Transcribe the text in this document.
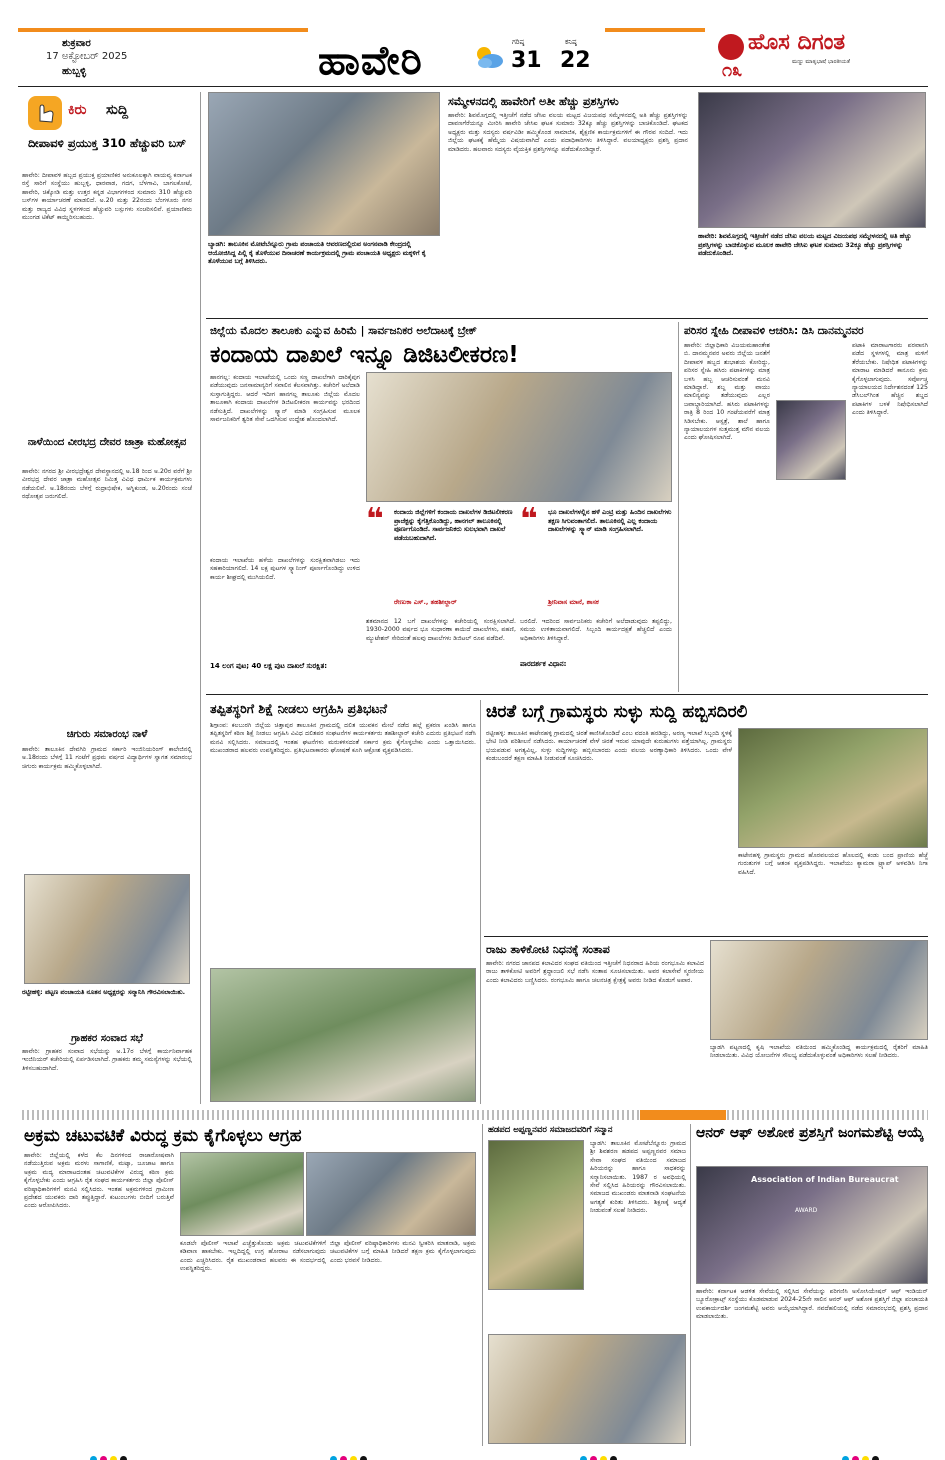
ಶುಕ್ರವಾರ
17 ಅಕ್ಟೋಬರ್ 2025
ಹುಬ್ಬಳ್ಳಿ	ಹಾವೇರಿ	ಗರಿಷ್ಠ
31
ಕನಿಷ್ಠ
22
ಹೊಸ ದಿಗಂತ
ಮಣ್ಣು ಮಾತೃಭಾಷೆ ಭಾರತೀಯತೆ
೧೩
ಕಿರು ಸುದ್ದಿ
ದೀಪಾವಳಿ ಪ್ರಯುಕ್ತ 310 ಹೆಚ್ಚುವರಿ ಬಸ್
ಹಾವೇರಿ: ದೀಪಾವಳಿ ಹಬ್ಬದ ಪ್ರಯುಕ್ತ ಪ್ರಯಾಣಿಕರ ಅನುಕೂಲಕ್ಕಾಗಿ ವಾಯವ್ಯ ಕರ್ನಾಟಕ ರಸ್ತೆ ಸಾರಿಗೆ ಸಂಸ್ಥೆಯು ಹುಬ್ಬಳ್ಳಿ, ಧಾರವಾಡ, ಗದಗ, ಬೆಳಗಾವಿ, ಬಾಗಲಕೋಟೆ, ಹಾವೇರಿ, ಚಿಕ್ಕೋಡಿ ಮತ್ತು ಉತ್ತರ ಕನ್ನಡ ವಿಭಾಗಗಳಿಂದ ಸುಮಾರು 310 ಹೆಚ್ಚುವರಿ ಬಸ್‌ಗಳ ಕಾರ್ಯಾಚರಣೆ ಮಾಡಲಿದೆ. ಅ.20 ಮತ್ತು 22ರಂದು ಬೆಂಗಳೂರು ನಗರ ಮತ್ತು ರಾಜ್ಯದ ವಿವಿಧ ಸ್ಥಳಗಳಿಂದ ಹೆಚ್ಚುವರಿ ಬಸ್ಸುಗಳು ಸಂಚರಿಸಲಿವೆ. ಪ್ರಯಾಣಿಕರು ಮುಂಗಡ ಟಿಕೆಟ್ ಕಾಯ್ದಿರಿಸಬಹುದು.
ನಾಳೆಯಿಂದ ವೀರಭದ್ರ ದೇವರ ಜಾತ್ರಾ ಮಹೋತ್ಸವ
ಹಾವೇರಿ: ನಗರದ ಶ್ರೀ ವೀರಭದ್ರೇಶ್ವರ ದೇವಸ್ಥಾನದಲ್ಲಿ ಅ.18 ರಿಂದ ಅ.20ರ ವರೆಗೆ ಶ್ರೀ ವೀರಭದ್ರ ದೇವರ ಜಾತ್ರಾ ಮಹೋತ್ಸವ ನಿಮಿತ್ತ ವಿವಿಧ ಧಾರ್ಮಿಕ ಕಾರ್ಯಕ್ರಮಗಳು ನಡೆಯಲಿವೆ. ಅ.18ರಂದು ಬೆಳಗ್ಗೆ ರುದ್ರಾಭಿಷೇಕ, ಅಗ್ನಿಕುಂಡ, ಅ.20ರಂದು ಸಂಜೆ ರಥೋತ್ಸವ ಜರುಗಲಿದೆ.
ಚಿಗುರು ಸಮಾರಂಭ ನಾಳೆ
ಹಾವೇರಿ: ತಾಲೂಕಿನ ದೇವಗಿರಿ ಗ್ರಾಮದ ಸರ್ಕಾರಿ ಇಂಜಿನಿಯರಿಂಗ್ ಕಾಲೇಜಿನಲ್ಲಿ ಅ.18ರಂದು ಬೆಳಗ್ಗೆ 11 ಗಂಟೆಗೆ ಪ್ರಥಮ ವರ್ಷದ ವಿದ್ಯಾರ್ಥಿಗಳ ಸ್ವಾಗತ ಸಮಾರಂಭ ಚಿಗುರು ಕಾರ್ಯಕ್ರಮ ಹಮ್ಮಿಕೊಳ್ಳಲಾಗಿದೆ.
ರಟ್ಟೀಹಳ್ಳಿ: ಪಟ್ಟಣ ಪಂಚಾಯತಿ ನೂತನ ಅಧ್ಯಕ್ಷರನ್ನು ಸನ್ಮಾನಿಸಿ ಗೌರವಿಸಲಾಯಿತು.
ಗ್ರಾಹಕರ ಸಂವಾದ ಸಭೆ
ಹಾವೇರಿ: ಗ್ರಾಹಕರ ಸಂವಾದ ಸಭೆಯನ್ನು ಅ.17ರ ಬೆಳಗ್ಗೆ ಕಾರ್ಯನಿರ್ವಾಹಕ ಇಂಜಿನಿಯರ್ ಕಚೇರಿಯಲ್ಲಿ ಏರ್ಪಡಿಸಲಾಗಿದೆ. ಗ್ರಾಹಕರು ತಮ್ಮ ಸಮಸ್ಯೆಗಳನ್ನು ಸಭೆಯಲ್ಲಿ ತಿಳಿಸಬಹುದಾಗಿದೆ.
ಬ್ಯಾಡಗಿ: ತಾಲೂಕಿನ ಮೋಟೆಬೆನ್ನೂರು ಗ್ರಾಮ ಪಂಚಾಯತಿ ಆವರಣದಲ್ಲಿರುವ ಅಂಗನವಾಡಿ ಕೇಂದ್ರದಲ್ಲಿ ಆಯೋಜಿಸಿದ್ದ ಪಿಲ್ಲಿ ಕೈ ತೊಳೆಯುವ ದಿನಾಚರಣೆ ಕಾರ್ಯಕ್ರಮದಲ್ಲಿ ಗ್ರಾಮ ಪಂಚಾಯತಿ ಅಧ್ಯಕ್ಷರು ಮಕ್ಕಳಿಗೆ ಕೈ ತೊಳೆಯುವ ಬಗ್ಗೆ ತಿಳಿಸಿದರು.
ಸಮ್ಮೇಳನದಲ್ಲಿ ಹಾವೇರಿಗೆ ಅತೀ ಹೆಚ್ಚು ಪ್ರಶಸ್ತಿಗಳು
ಹಾವೇರಿ: ಶಿವಮೊಗ್ಗದಲ್ಲಿ ಇತ್ತೀಚೆಗೆ ನಡೆದ ಜೆಸಿಐ ವಲಯ ಮಟ್ಟದ ವಿಜಯಪಥ ಸಮ್ಮೇಳನದಲ್ಲಿ ಅತಿ ಹೆಚ್ಚು ಪ್ರಶಸ್ತಿಗಳನ್ನು ದಾವಣಗೆರೆಯನ್ನೂ ಮೀರಿಸಿ ಹಾವೇರಿ ಜೇಸಿಐ ಘಟಕ ಸುಮಾರು 32ಕ್ಕೂ ಹೆಚ್ಚು ಪ್ರಶಸ್ತಿಗಳನ್ನು ಬಾಚಿಕೊಂಡಿದೆ. ಘಟಕದ ಅಧ್ಯಕ್ಷರು ಮತ್ತು ಸದಸ್ಯರು ವರ್ಷವಿಡೀ ಹಮ್ಮಿಕೊಂಡ ಸಾಮಾಜಿಕ, ಶೈಕ್ಷಣಿಕ ಕಾರ್ಯಕ್ರಮಗಳಿಗೆ ಈ ಗೌರವ ಸಂದಿದೆ. ಇದು ಜಿಲ್ಲೆಯ ಘಟಕಕ್ಕೆ ಹೆಮ್ಮೆಯ ವಿಷಯವಾಗಿದೆ ಎಂದು ಪದಾಧಿಕಾರಿಗಳು ತಿಳಿಸಿದ್ದಾರೆ. ವಲಯಾಧ್ಯಕ್ಷರು ಪ್ರಶಸ್ತಿ ಪ್ರದಾನ ಮಾಡಿದರು. ಹಲವಾರು ಸದಸ್ಯರು ವೈಯಕ್ತಿಕ ಪ್ರಶಸ್ತಿಗಳನ್ನೂ ಪಡೆದುಕೊಂಡಿದ್ದಾರೆ.
ಹಾವೇರಿ: ಶಿವಮೊಗ್ಗದಲ್ಲಿ ಇತ್ತೀಚೆಗೆ ನಡೆದ ಜೆಸಿಐ ವಲಯ ಮಟ್ಟದ ವಿಜಯಪಥ ಸಮ್ಮೇಳನದಲ್ಲಿ ಅತಿ ಹೆಚ್ಚು ಪ್ರಶಸ್ತಿಗಳನ್ನು ಬಾಚಿಕೊಳ್ಳುವ ಮೂಲಕ ಹಾವೇರಿ ಜೇಸಿಐ ಘಟಕ ಸುಮಾರು 32ಕ್ಕೂ ಹೆಚ್ಚು ಪ್ರಶಸ್ತಿಗಳನ್ನು ಪಡೆದುಕೊಂಡಿದೆ.
ಜಿಲ್ಲೆಯ ಮೊದಲ ತಾಲೂಕು ಎನ್ನುವ ಹಿರಿಮೆ | ಸಾರ್ವಜನಿಕರ ಅಲೆದಾಟಕ್ಕೆ ಬ್ರೇಕ್
ಕಂದಾಯ ದಾಖಲೆ ಇನ್ನೂ ಡಿಜಿಟಲೀಕರಣ!
ಹಾನಗಲ್ಲ: ಕಂದಾಯ ಇಲಾಖೆಯಲ್ಲಿ ಒಂದು ಸಣ್ಣ ದಾಖಲೆಗಾಗಿ ದಾರಿಕೈಪುಗ ಪಡೆಯುವುದು ಜನಸಾಮಾನ್ಯರಿಗೆ ಸವಾಲಿನ ಕೆಲಸವಾಗಿತ್ತು. ಕಚೇರಿಗೆ ಅಲೆದಾಡಿ ಸುಸ್ತಾಗುತ್ತಿದ್ದರು. ಆದರೆ ಇದೀಗ ಹಾನಗಲ್ಲ ತಾಲೂಕು ಜಿಲ್ಲೆಯ ಮೊದಲ ತಾಲೂಕಾಗಿ ಕಂದಾಯ ದಾಖಲೆಗಳ ಡಿಜಿಟಲೀಕರಣ ಕಾರ್ಯವನ್ನು ಭರದಿಂದ ನಡೆಸುತ್ತಿದೆ. ದಾಖಲೆಗಳನ್ನು ಸ್ಕ್ಯಾನ್ ಮಾಡಿ ಸಂಗ್ರಹಿಸುವ ಮೂಲಕ ಸಾರ್ವಜನಿಕರಿಗೆ ತ್ವರಿತ ಸೇವೆ ಒದಗಿಸುವ ಉದ್ದೇಶ ಹೊಂದಲಾಗಿದೆ.
ಕಂದಾಯ ಇಲಾಖೆಯ ಹಳೆಯ ದಾಖಲೆಗಳನ್ನು ಸುರಕ್ಷಿತವಾಗಿಡಲು ಇದು ಸಹಕಾರಿಯಾಗಲಿದೆ. 14 ಲಕ್ಷ ಪುಟಗಳ ಸ್ಕ್ಯಾನಿಂಗ್ ಪೂರ್ಣಗೊಂಡಿದ್ದು ಉಳಿದ ಕಾರ್ಯ ಶೀಘ್ರದಲ್ಲಿ ಮುಗಿಯಲಿದೆ.
14 ಲಂಗ ಪುಟ; 40 ಲಕ್ಷ ಪುಟ ದಾಖಲೆ ಸುರಕ್ಷಿತ:
❝ ಕಂದಾಯ ಜಿಲ್ಲೆಗಳಿಗೆ ಕಂದಾಯ ದಾಖಲೆಗಳ ಡಿಜಿಟಲೀಕರಣ ಪ್ರಾಜೆಕ್ಟನ್ನು ಕೈಗೆತ್ತಿಕೊಂಡಿದ್ದು, ಹಾನಗಲ್ ತಾಲೂಕಿನಲ್ಲಿ ಪೂರ್ಣಗೊಂಡಿದೆ. ಸಾರ್ವಜನಿಕರು ಸುಲಭವಾಗಿ ದಾಖಲೆ ಪಡೆಯಬಹುದಾಗಿದೆ.
ರೇಣುಕಾ ಎಸ್., ತಹಶೀಲ್ದಾರ್
❝ ಭೂ ದಾಖಲೆಗಳಲ್ಲಿನ ಹಳೆ ಎಂಟ್ರಿ ಮತ್ತು ಹಿಂದಿನ ದಾಖಲೆಗಳು ತಕ್ಷಣ ಸಿಗುವಂತಾಗಲಿದೆ. ತಾಲೂಕಿನಲ್ಲಿ ಎಲ್ಲ ಕಂದಾಯ ದಾಖಲೆಗಳನ್ನು ಸ್ಕ್ಯಾನ್ ಮಾಡಿ ಸಂಗ್ರಹಿಸಲಾಗಿದೆ.
ಶ್ರೀನಿವಾಸ ಮಾನೆ, ಶಾಸಕ
ಶತಮಾನದ 12 ಬಗೆ ದಾಖಲೆಗಳನ್ನು ಕಚೇರಿಯಲ್ಲಿ ಸಂರಕ್ಷಿಸಲಾಗಿದೆ. 1930-2000 ವರ್ಷದ ಭೂ ಸುಧಾರಣಾ ಕಾಯಿದೆ ದಾಖಲೆಗಳು, ಪಹಣಿ, ಮ್ಯುಟೇಶನ್ ಸೇರಿದಂತೆ ಹಲವು ದಾಖಲೆಗಳು ಡಿಜಿಟಲ್ ರೂಪ ಪಡೆದಿವೆ.
ಪಾರದರ್ಶಕ ವಿಧಾನ:
ಬರಲಿದೆ. ಇದರಿಂದ ಸಾರ್ವಜನಿಕರು ಕಚೇರಿಗೆ ಅಲೆದಾಡುವುದು ತಪ್ಪಲಿದ್ದು, ಸಮಯ ಉಳಿತಾಯವಾಗಲಿದೆ. ಸಿಬ್ಬಂದಿ ಕಾರ್ಯದಕ್ಷತೆ ಹೆಚ್ಚಲಿದೆ ಎಂದು ಅಧಿಕಾರಿಗಳು ತಿಳಿಸಿದ್ದಾರೆ.
ಪರಿಸರ ಸ್ನೇಹಿ ದೀಪಾವಳಿ ಆಚರಿಸಿ: ಡಿಸಿ ದಾನಮ್ಮನವರ
ಹಾವೇರಿ: ಜಿಲ್ಲಾಧಿಕಾರಿ ವಿಜಯಮಹಾಂತೇಶ ಬಿ. ದಾನಮ್ಮನವರ ಅವರು ಜಿಲ್ಲೆಯ ಜನತೆಗೆ ದೀಪಾವಳಿ ಹಬ್ಬದ ಶುಭಾಶಯ ಕೋರಿದ್ದು, ಪರಿಸರ ಸ್ನೇಹಿ ಹಸಿರು ಪಟಾಕಿಗಳನ್ನು ಮಾತ್ರ ಬಳಸಿ ಹಬ್ಬ ಆಚರಿಸುವಂತೆ ಮನವಿ ಮಾಡಿದ್ದಾರೆ. ಶಬ್ದ ಮತ್ತು ವಾಯು ಮಾಲಿನ್ಯವನ್ನು ತಡೆಯುವುದು ಎಲ್ಲರ ಜವಾಬ್ದಾರಿಯಾಗಿದೆ. ಹಸಿರು ಪಟಾಕಿಗಳನ್ನು ರಾತ್ರಿ 8 ರಿಂದ 10 ಗಂಟೆಯವರೆಗೆ ಮಾತ್ರ ಸಿಡಿಸಬೇಕು. ಆಸ್ಪತ್ರೆ, ಶಾಲೆ ಹಾಗೂ ನ್ಯಾಯಾಲಯಗಳ ಸುತ್ತಮುತ್ತ ಮೌನ ವಲಯ ಎಂದು ಘೋಷಿಸಲಾಗಿದೆ.
ಪಟಾಕಿ ಮಾರಾಟಗಾರರು ಪರವಾನಗಿ ಪಡೆದ ಸ್ಥಳಗಳಲ್ಲಿ ಮಾತ್ರ ಮಳಿಗೆ ತೆರೆಯಬೇಕು. ನಿಷೇಧಿತ ಪಟಾಕಿಗಳನ್ನು ಮಾರಾಟ ಮಾಡಿದರೆ ಕಾನೂನು ಕ್ರಮ ಕೈಗೊಳ್ಳಲಾಗುವುದು. ಸರ್ವೋಚ್ಚ ನ್ಯಾಯಾಲಯದ ನಿರ್ದೇಶನದಂತೆ 125 ಡೆಸಿಬಲ್‌ಗಿಂತ ಹೆಚ್ಚಿನ ಶಬ್ದದ ಪಟಾಕಿಗಳ ಬಳಕೆ ನಿಷೇಧಿಸಲಾಗಿದೆ ಎಂದು ತಿಳಿಸಿದ್ದಾರೆ.
ತಪ್ಪಿತಸ್ಥರಿಗೆ ಶಿಕ್ಷೆ ನೀಡಲು ಆಗ್ರಹಿಸಿ ಪ್ರತಿಭಟನೆ
ಶಿಗ್ಗಾಂವ: ಕಲಬುರಗಿ ಜಿಲ್ಲೆಯ ಚಿತ್ತಾಪುರ ತಾಲೂಕಿನ ಗ್ರಾಮದಲ್ಲಿ ದಲಿತ ಯುವಕನ ಮೇಲೆ ನಡೆದ ಹಲ್ಲೆ ಪ್ರಕರಣ ಖಂಡಿಸಿ ಹಾಗೂ ತಪ್ಪಿತಸ್ಥರಿಗೆ ಕಠಿಣ ಶಿಕ್ಷೆ ನೀಡಲು ಆಗ್ರಹಿಸಿ ವಿವಿಧ ದಲಿತಪರ ಸಂಘಟನೆಗಳ ಕಾರ್ಯಕರ್ತರು ತಹಶೀಲ್ದಾರ್ ಕಚೇರಿ ಎದುರು ಪ್ರತಿಭಟನೆ ನಡೆಸಿ ಮನವಿ ಸಲ್ಲಿಸಿದರು. ಸಮಾಜದಲ್ಲಿ ಇಂತಹ ಘಟನೆಗಳು ಮರುಕಳಿಸದಂತೆ ಸರ್ಕಾರ ಕ್ರಮ ಕೈಗೊಳ್ಳಬೇಕು ಎಂದು ಒತ್ತಾಯಿಸಿದರು. ಮುಖಂಡರಾದ ಹಲವರು ಉಪಸ್ಥಿತರಿದ್ದರು. ಪ್ರತಿಭಟನಾಕಾರರು ಘೋಷಣೆ ಕೂಗಿ ಆಕ್ರೋಶ ವ್ಯಕ್ತಪಡಿಸಿದರು.
ಚಿರತೆ ಬಗ್ಗೆ ಗ್ರಾಮಸ್ಥರು ಸುಳ್ಳು ಸುದ್ದಿ ಹಬ್ಬಿಸದಿರಲಿ
ರಟ್ಟೀಹಳ್ಳಿ: ತಾಲೂಕಿನ ಕಾಟೇನಹಳ್ಳಿ ಗ್ರಾಮದಲ್ಲಿ ಚಿರತೆ ಕಾಣಿಸಿಕೊಂಡಿದೆ ಎಂಬ ವದಂತಿ ಹರಡಿದ್ದು, ಅರಣ್ಯ ಇಲಾಖೆ ಸಿಬ್ಬಂದಿ ಸ್ಥಳಕ್ಕೆ ಭೇಟಿ ನೀಡಿ ಪರಿಶೀಲನೆ ನಡೆಸಿದರು. ಕಾರ್ಯಾಚರಣೆ ವೇಳೆ ಚಿರತೆ ಇರುವ ಯಾವುದೇ ಕುರುಹುಗಳು ಪತ್ತೆಯಾಗಿಲ್ಲ. ಗ್ರಾಮಸ್ಥರು ಭಯಪಡುವ ಅಗತ್ಯವಿಲ್ಲ, ಸುಳ್ಳು ಸುದ್ದಿಗಳನ್ನು ಹಬ್ಬಿಸಬಾರದು ಎಂದು ವಲಯ ಅರಣ್ಯಾಧಿಕಾರಿ ತಿಳಿಸಿದರು. ಒಂದು ವೇಳೆ ಕಂಡುಬಂದರೆ ತಕ್ಷಣ ಮಾಹಿತಿ ನೀಡುವಂತೆ ಸೂಚಿಸಿದರು.
ಕಾಟೇನಹಳ್ಳಿ ಗ್ರಾಮಸ್ಥರು ಗ್ರಾಮದ ಹೊರವಲಯದ ಹೊಲದಲ್ಲಿ ಕಂಡು ಬಂದ ಪ್ರಾಣಿಯ ಹೆಜ್ಜೆ ಗುರುತುಗಳ ಬಗ್ಗೆ ಆತಂಕ ವ್ಯಕ್ತಪಡಿಸಿದ್ದರು. ಇಲಾಖೆಯು ಕ್ಯಾಮರಾ ಟ್ರ್ಯಾಪ್ ಅಳವಡಿಸಿ ನಿಗಾ ವಹಿಸಿದೆ.
ರಾಜು ತಾಳಿಕೋಟಿ ನಿಧನಕ್ಕೆ ಸಂತಾಪ
ಹಾವೇರಿ: ನಗರದ ಜಾನಪದ ಕಲಾವಿದರ ಸಂಘದ ವತಿಯಿಂದ ಇತ್ತೀಚೆಗೆ ನಿಧನರಾದ ಹಿರಿಯ ರಂಗಭೂಮಿ ಕಲಾವಿದ ರಾಜು ತಾಳಿಕೋಟಿ ಅವರಿಗೆ ಶ್ರದ್ಧಾಂಜಲಿ ಸಭೆ ನಡೆಸಿ ಸಂತಾಪ ಸೂಚಿಸಲಾಯಿತು. ಅವರ ಕಲಾಸೇವೆ ಸ್ಮರಣೀಯ ಎಂದು ಕಲಾವಿದರು ಬಣ್ಣಿಸಿದರು. ರಂಗಭೂಮಿ ಹಾಗೂ ಚಲನಚಿತ್ರ ಕ್ಷೇತ್ರಕ್ಕೆ ಅವರು ನೀಡಿದ ಕೊಡುಗೆ ಅಪಾರ.
ಬ್ಯಾಡಗಿ ಪಟ್ಟಣದಲ್ಲಿ ಕೃಷಿ ಇಲಾಖೆಯ ವತಿಯಿಂದ ಹಮ್ಮಿಕೊಂಡಿದ್ದ ಕಾರ್ಯಕ್ರಮದಲ್ಲಿ ರೈತರಿಗೆ ಮಾಹಿತಿ ನೀಡಲಾಯಿತು. ವಿವಿಧ ಯೋಜನೆಗಳ ಸೌಲಭ್ಯ ಪಡೆದುಕೊಳ್ಳುವಂತೆ ಅಧಿಕಾರಿಗಳು ಸಲಹೆ ನೀಡಿದರು.
ಅಕ್ರಮ ಚಟುವಟಿಕೆ ವಿರುದ್ಧ ಕ್ರಮ ಕೈಗೊಳ್ಳಲು ಆಗ್ರಹ
ಹಾವೇರಿ: ಜಿಲ್ಲೆಯಲ್ಲಿ ಕಳೆದ ಕೆಲ ದಿನಗಳಿಂದ ರಾಜಾರೋಷವಾಗಿ ನಡೆಯುತ್ತಿರುವ ಅಕ್ರಮ ಮರಳು ಸಾಗಾಣಿಕೆ, ಮಟ್ಕಾ, ಜೂಜಾಟ ಹಾಗೂ ಅಕ್ರಮ ಮದ್ಯ ಮಾರಾಟದಂತಹ ಚಟುವಟಿಕೆಗಳ ವಿರುದ್ಧ ಕಠಿಣ ಕ್ರಮ ಕೈಗೊಳ್ಳಬೇಕು ಎಂದು ಆಗ್ರಹಿಸಿ ರೈತ ಸಂಘದ ಕಾರ್ಯಕರ್ತರು ಜಿಲ್ಲಾ ಪೊಲೀಸ್ ವರಿಷ್ಠಾಧಿಕಾರಿಗಳಿಗೆ ಮನವಿ ಸಲ್ಲಿಸಿದರು. ಇಂತಹ ಅಕ್ರಮಗಳಿಂದ ಗ್ರಾಮೀಣ ಪ್ರದೇಶದ ಯುವಕರು ದಾರಿ ತಪ್ಪುತ್ತಿದ್ದಾರೆ. ಕುಟುಂಬಗಳು ಬೀದಿಗೆ ಬರುತ್ತಿವೆ ಎಂದು ಆರೋಪಿಸಿದರು.
ಕೂಡಲೇ ಪೊಲೀಸ್ ಇಲಾಖೆ ಎಚ್ಚೆತ್ತುಕೊಂಡು ಅಕ್ರಮ ಚಟುವಟಿಕೆಗಳಿಗೆ ಕಡಿವಾಣ ಹಾಕಬೇಕು. ಇಲ್ಲದಿದ್ದಲ್ಲಿ ಉಗ್ರ ಹೋರಾಟ ನಡೆಸಲಾಗುವುದು ಎಂದು ಎಚ್ಚರಿಸಿದರು. ರೈತ ಮುಖಂಡರಾದ ಹಲವರು ಈ ಸಂದರ್ಭದಲ್ಲಿ ಉಪಸ್ಥಿತರಿದ್ದರು.
ಜಿಲ್ಲಾ ಪೊಲೀಸ್ ವರಿಷ್ಠಾಧಿಕಾರಿಗಳು ಮನವಿ ಸ್ವೀಕರಿಸಿ ಮಾತನಾಡಿ, ಅಕ್ರಮ ಚಟುವಟಿಕೆಗಳ ಬಗ್ಗೆ ಮಾಹಿತಿ ನೀಡಿದರೆ ತಕ್ಷಣ ಕ್ರಮ ಕೈಗೊಳ್ಳಲಾಗುವುದು ಎಂದು ಭರವಸೆ ನೀಡಿದರು.
ಹಡಪದ ಅಪ್ಪಣ್ಣನವರ ಸಮಾಜದವರಿಗೆ ಸನ್ಮಾನ
ಬ್ಯಾಡಗಿ: ತಾಲೂಕಿನ ಮೋಟೆಬೆನ್ನೂರು ಗ್ರಾಮದ ಶ್ರೀ ಶಿವಶರಣ ಹಡಪದ ಅಪ್ಪಣ್ಣನವರ ಸಮಾಜ ಸೇವಾ ಸಂಘದ ವತಿಯಿಂದ ಸಮಾಜದ ಹಿರಿಯರನ್ನು ಹಾಗೂ ಸಾಧಕರನ್ನು ಸನ್ಮಾನಿಸಲಾಯಿತು. 1987 ರ ಅವಧಿಯಲ್ಲಿ ಸೇವೆ ಸಲ್ಲಿಸಿದ ಹಿರಿಯರನ್ನು ಗೌರವಿಸಲಾಯಿತು. ಸಮಾಜದ ಮುಖಂಡರು ಮಾತನಾಡಿ ಸಂಘಟನೆಯ ಅಗತ್ಯತೆ ಕುರಿತು ತಿಳಿಸಿದರು. ಶಿಕ್ಷಣಕ್ಕೆ ಆದ್ಯತೆ ನೀಡುವಂತೆ ಸಲಹೆ ನೀಡಿದರು.
ಆನರ್ ಆಫ್ ಅಶೋಕ ಪ್ರಶಸ್ತಿಗೆ ಜಂಗಮಶೆಟ್ಟಿ ಆಯ್ಕೆ
Association of Indian Bureaucrat
AWARD
ಹಾವೇರಿ: ಕರ್ನಾಟಕ ಆಡಳಿತ ಸೇವೆಯಲ್ಲಿ ಸಲ್ಲಿಸಿದ ಸೇವೆಯನ್ನು ಪರಿಗಣಿಸಿ ಅಸೋಸಿಯೇಷನ್ ಆಫ್ ಇಂಡಿಯನ್ ಬ್ಯೂರೋಕ್ರಾಟ್ಸ್ ಸಂಸ್ಥೆಯು ಕೊಡಮಾಡುವ 2024-25ನೇ ಸಾಲಿನ ಆನರ್ ಆಫ್ ಅಶೋಕ ಪ್ರಶಸ್ತಿಗೆ ಜಿಲ್ಲಾ ಪಂಚಾಯತಿ ಉಪಕಾರ್ಯದರ್ಶಿ ಜಂಗಮಶೆಟ್ಟಿ ಅವರು ಆಯ್ಕೆಯಾಗಿದ್ದಾರೆ. ನವದೆಹಲಿಯಲ್ಲಿ ನಡೆದ ಸಮಾರಂಭದಲ್ಲಿ ಪ್ರಶಸ್ತಿ ಪ್ರದಾನ ಮಾಡಲಾಯಿತು.
